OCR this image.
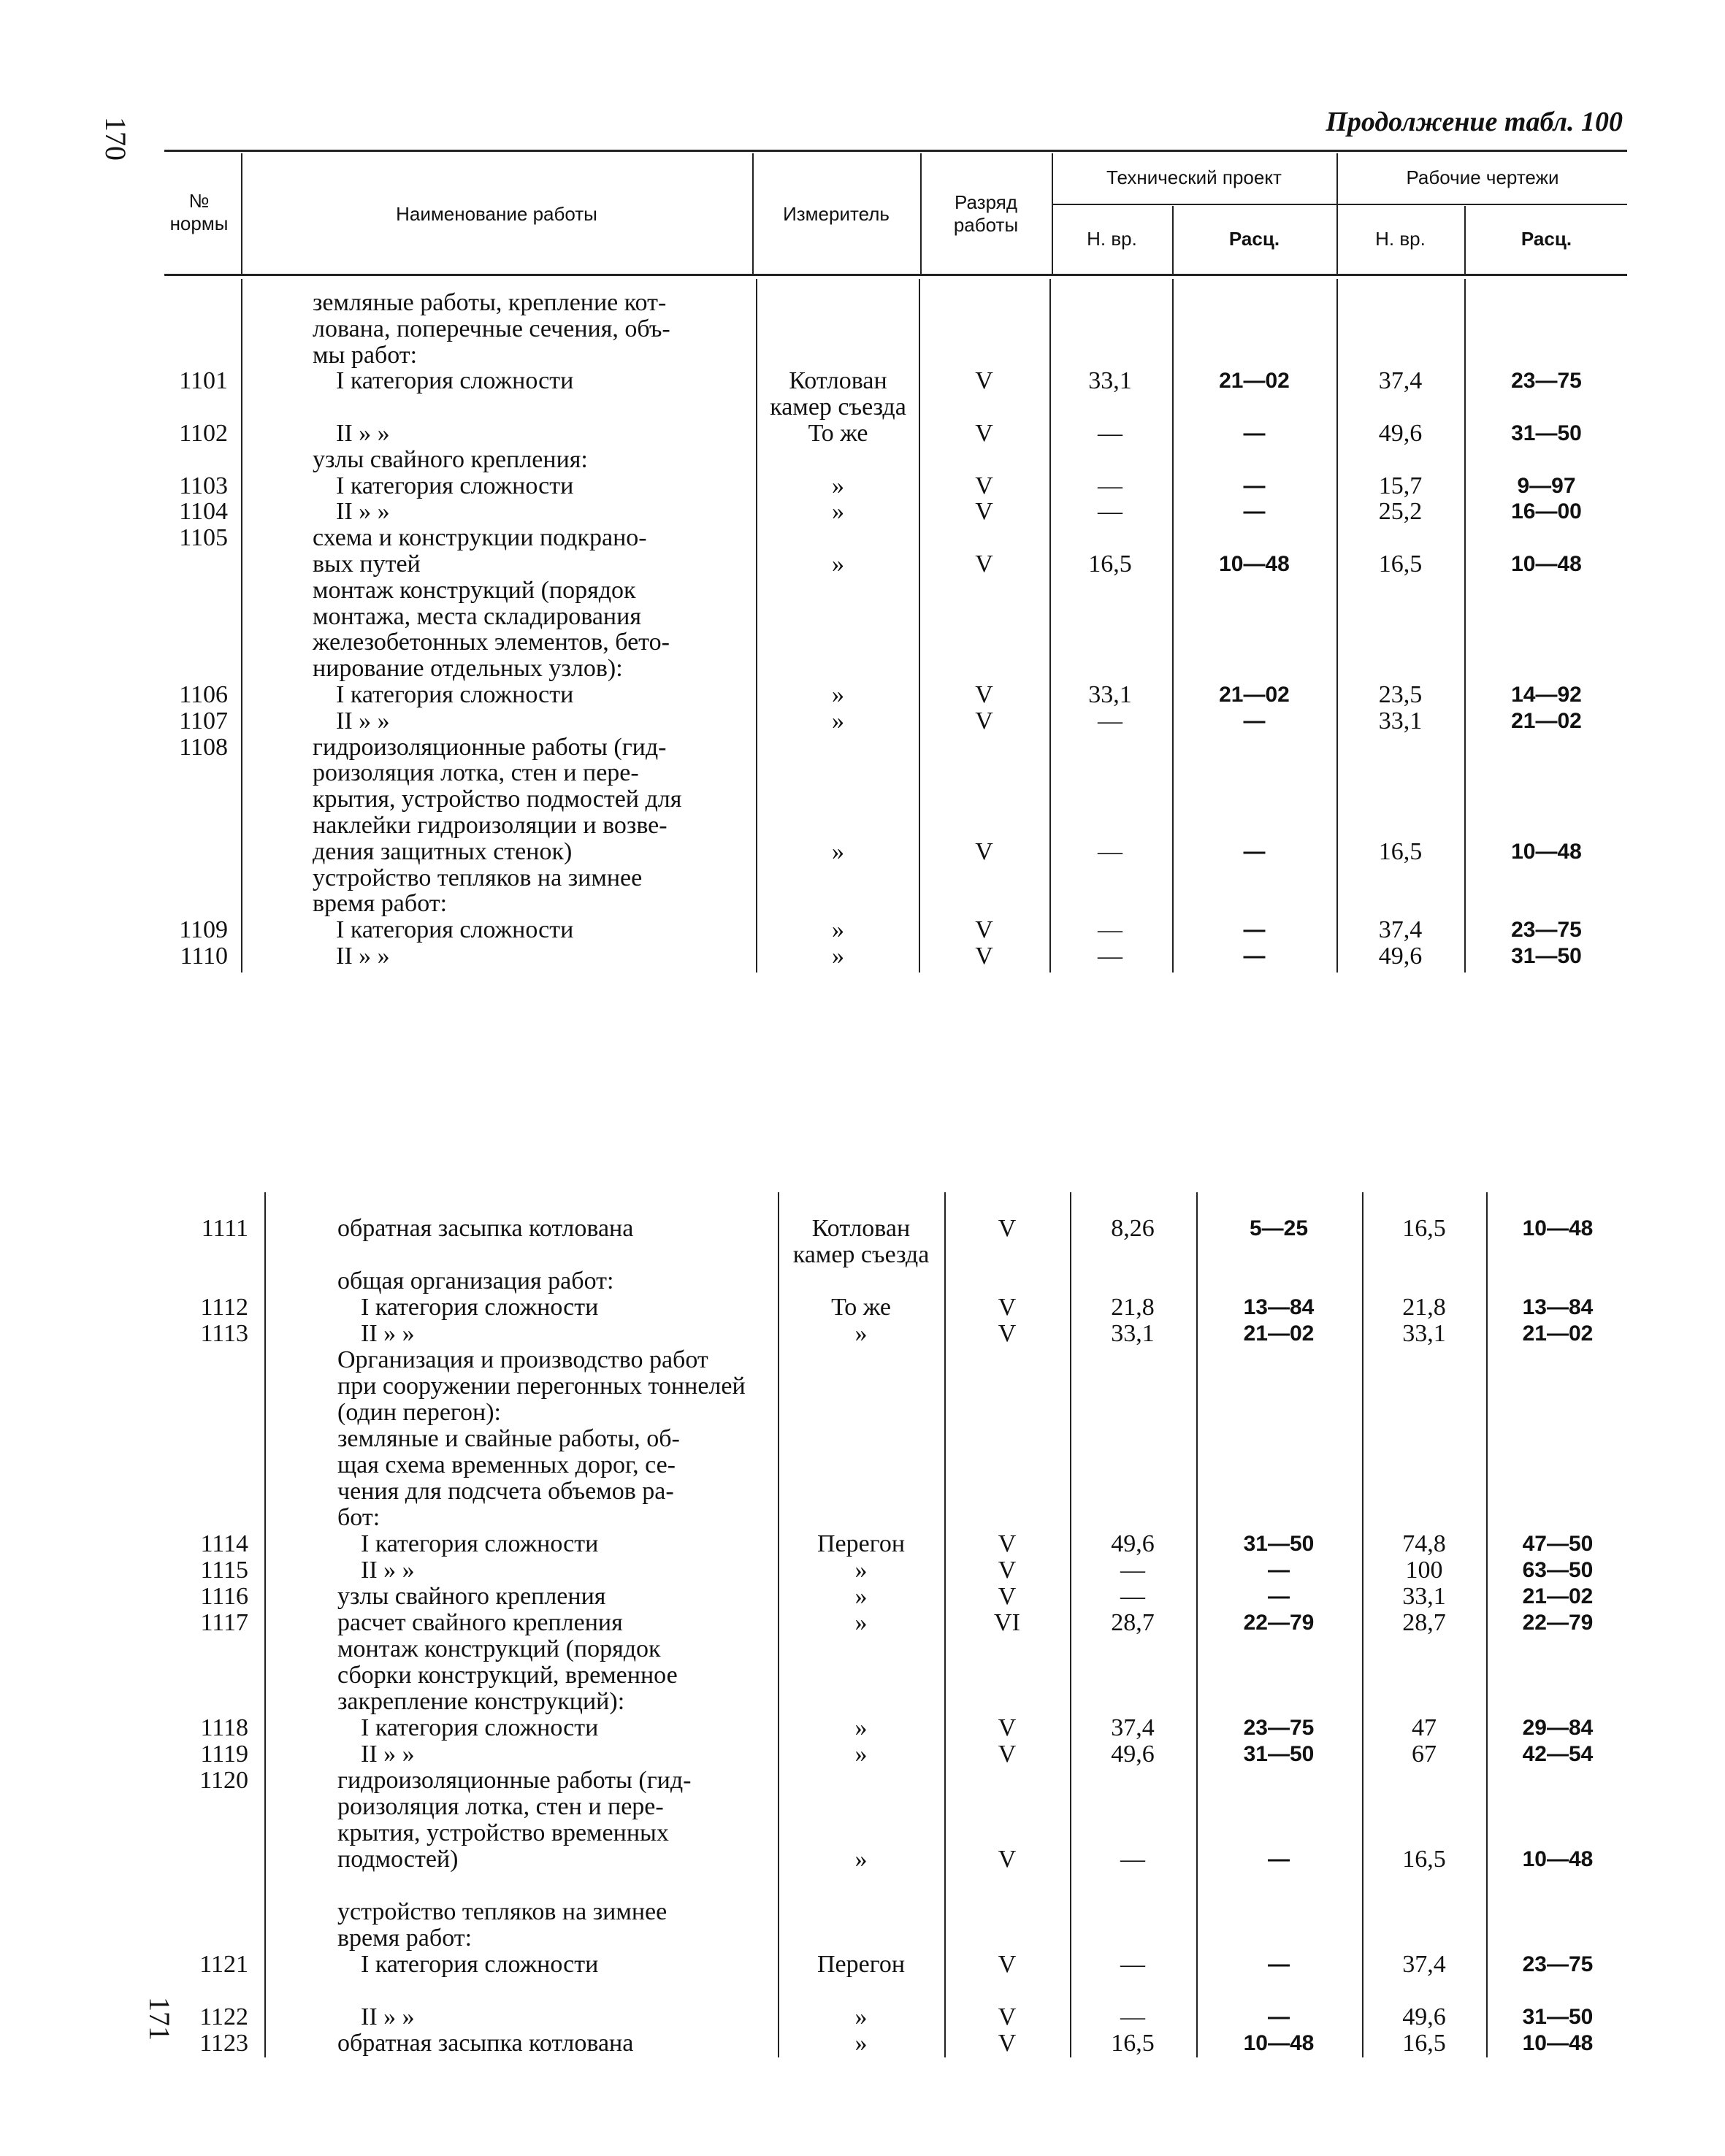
170
171
Продолжение табл. 100
№ нормы	Наименование работы	Измеритель
Разряд работы
Технический проект	Рабочие чертежи
Н. вр.	Расц.	Н. вр.	Расц.
земляные работы, крепление кот-
лована, поперечные сечения, объ-
мы работ:
1101	I категория сложности	Котлован	V	33,1	21—02	37,4	23—75
камер съезда
1102	II » »	То же	V	—	—	49,6	31—50
узлы свайного крепления:
1103	I категория сложности	»	V	—	—	15,7	9—97
1104	II » »	»	V	—	—	25,2	16—00
1105	схема и конструкции подкрано-
вых путей	»	V	16,5	10—48	16,5	10—48
монтаж конструкций (порядок
монтажа, места складирования
железобетонных элементов, бето-
нирование отдельных узлов):
1106	I категория сложности	»	V	33,1	21—02	23,5	14—92
1107	II » »	»	V	—	—	33,1	21—02
1108	гидроизоляционные работы (гид-
роизоляция лотка, стен и пере-
крытия, устройство подмостей для
наклейки гидроизоляции и возве-
дения защитных стенок)	»	V	—	—	16,5	10—48
устройство тепляков на зимнее
время работ:
1109	I категория сложности	»	V	—	—	37,4	23—75
1110	II » »	»	V	—	—	49,6	31—50
1111	обратная засыпка котлована	Котлован	V	8,26	5—25	16,5	10—48
камер съезда
общая организация работ:
1112	I категория сложности	То же	V	21,8	13—84	21,8	13—84
1113	II » »	»	V	33,1	21—02	33,1	21—02
Организация и производство работ
при сооружении перегонных тоннелей
(один перегон):
земляные и свайные работы, об-
щая схема временных дорог, се-
чения для подсчета объемов ра-
бот:
1114	I категория сложности	Перегон	V	49,6	31—50	74,8	47—50
1115	II » »	»	V	—	—	100	63—50
1116	узлы свайного крепления	»	V	—	—	33,1	21—02
1117	расчет свайного крепления	»	VI	28,7	22—79	28,7	22—79
монтаж конструкций (порядок
сборки конструкций, временное
закрепление конструкций):
1118	I категория сложности	»	V	37,4	23—75	47	29—84
1119	II » »	»	V	49,6	31—50	67	42—54
1120	гидроизоляционные работы (гид-
роизоляция лотка, стен и пере-
крытия, устройство временных
подмостей)	»	V	—	—	16,5	10—48
устройство тепляков на зимнее
время работ:
1121	I категория сложности	Перегон	V	—	—	37,4	23—75
1122	II » »	»	V	—	—	49,6	31—50
1123	обратная засыпка котлована	»	V	16,5	10—48	16,5	10—48
